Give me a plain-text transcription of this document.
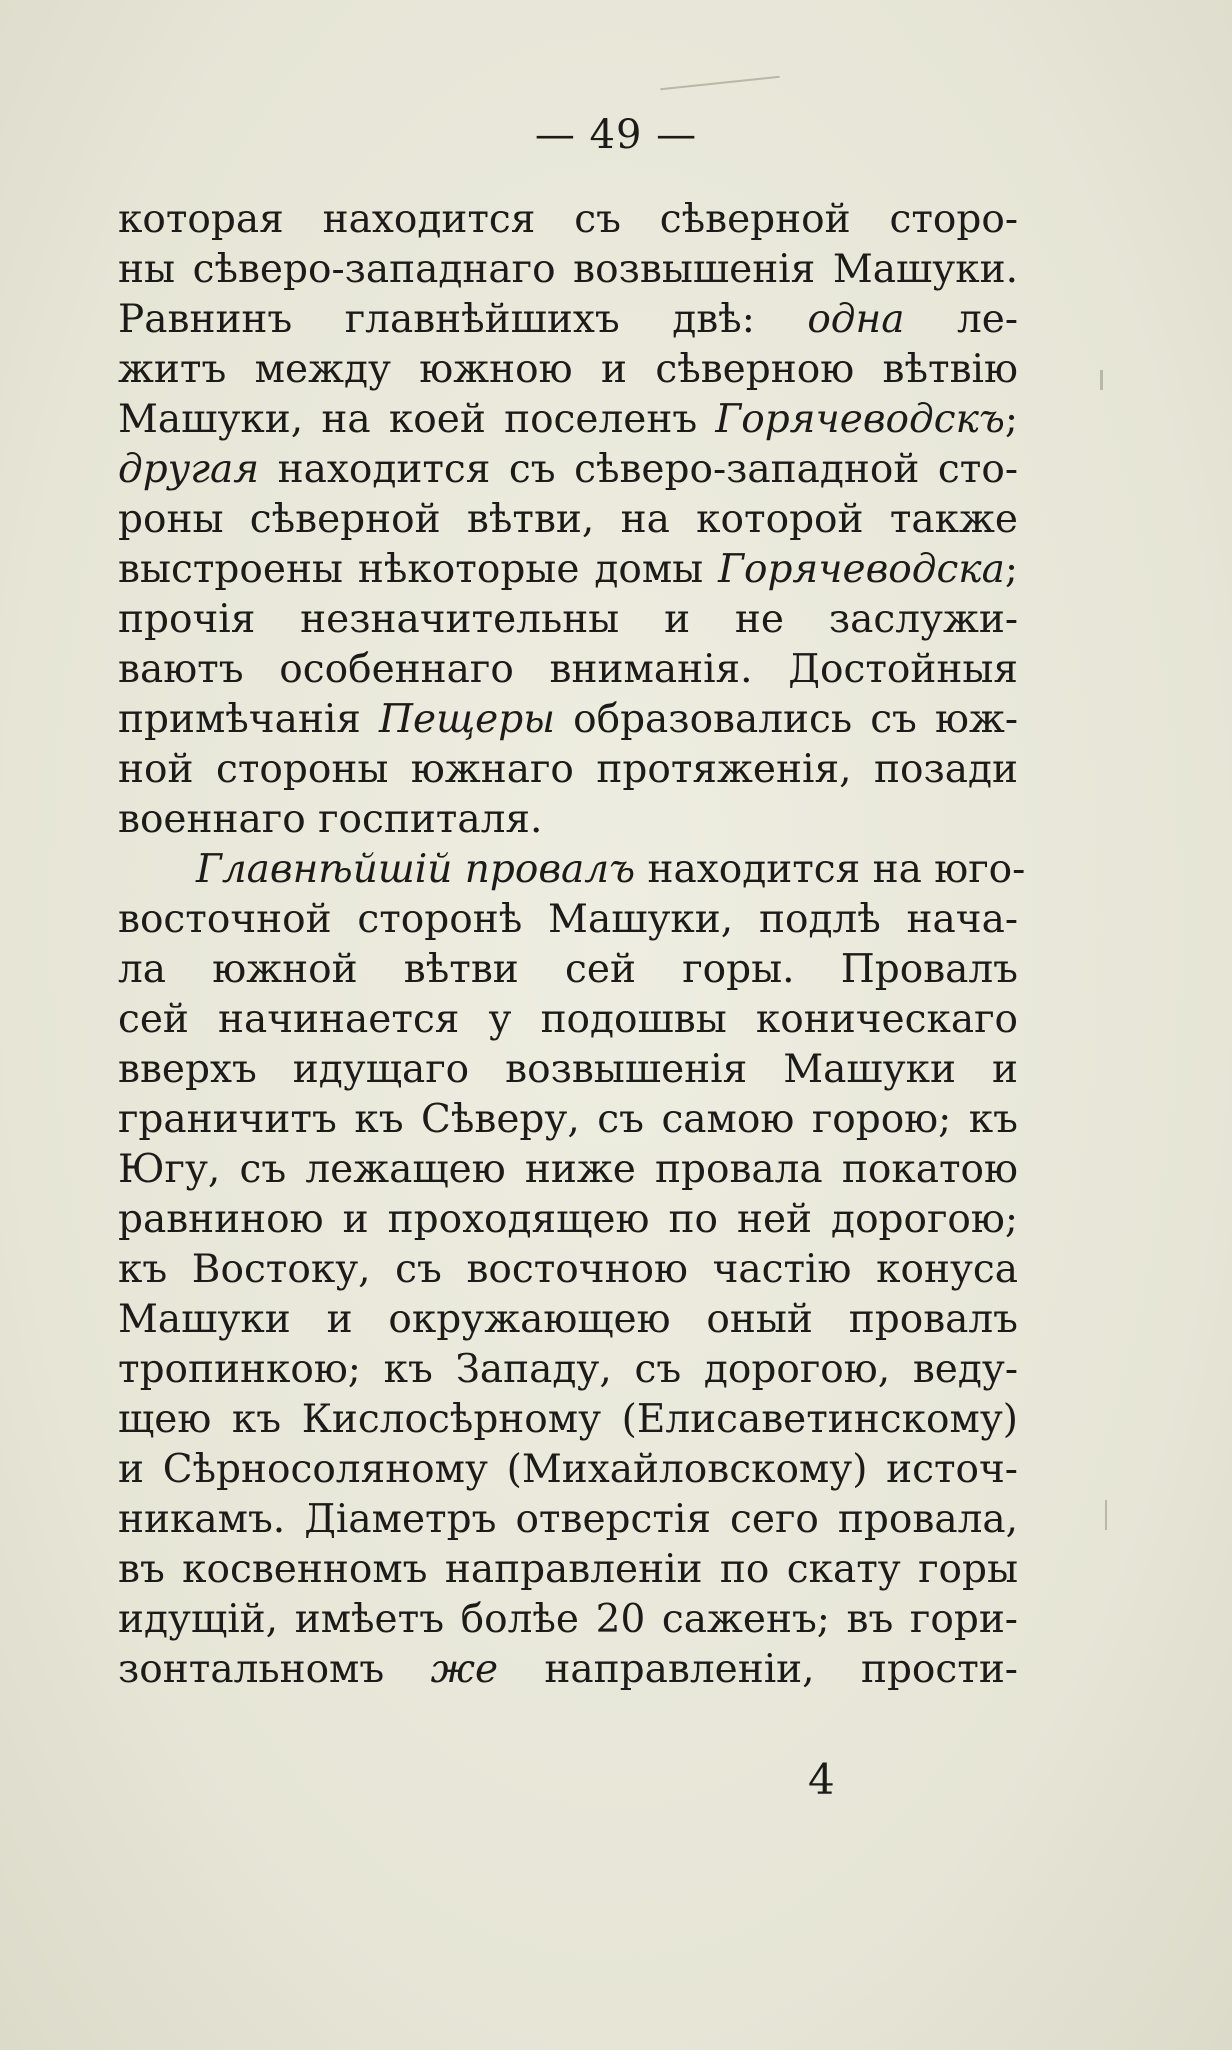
— 49 —
которая находится съ сѣверной сторо-
ны сѣверо-западнаго возвышенія Машуки.
Равнинъ главнѣйшихъ двѣ: одна ле-
житъ между южною и сѣверною вѣтвію
Машуки, на коей поселенъ Горячеводскъ;
другая находится съ сѣверо-западной сто-
роны сѣверной вѣтви, на которой также
выстроены нѣкоторые домы Горячеводска;
прочія незначительны и не заслужи-
ваютъ особеннаго вниманія. Достойныя
примѣчанія Пещеры образовались съ юж-
ной стороны южнаго протяженія, позади
военнаго госпиталя.
Главнѣйшій провалъ находится на юго-
восточной сторонѣ Машуки, подлѣ нача-
ла южной вѣтви сей горы. Провалъ
сей начинается у подошвы коническаго
вверхъ идущаго возвышенія Машуки и
граничитъ къ Сѣверу, съ самою горою; къ
Югу, съ лежащею ниже провала покатою
равниною и проходящею по ней дорогою;
къ Востоку, съ восточною частію конуса
Машуки и окружающею оный провалъ
тропинкою; къ Западу, съ дорогою, веду-
щею къ Кислосѣрному (Елисаветинскому)
и Сѣрносоляному (Михайловскому) источ-
никамъ. Діаметръ отверстія сего провала,
въ косвенномъ направленіи по скату горы
идущій, имѣетъ болѣе 20 саженъ; въ гори-
зонтальномъ же направленіи, прости-
4
